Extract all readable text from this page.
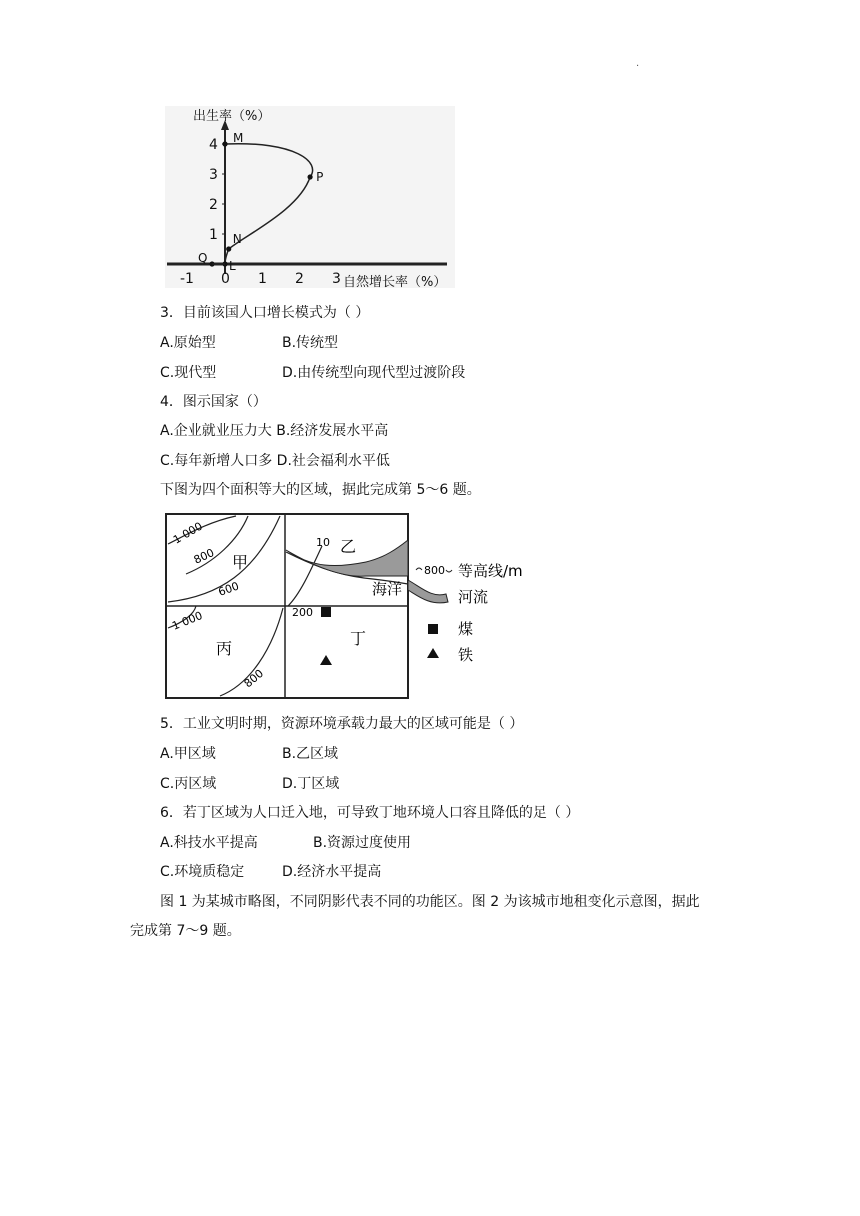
.
4
3
2
1
-1 0 1 2 3
M
P
N
Q
L
出生率（%）
自然增长率（%）
3．目前该国人口增长模式为（ ）
A.原始型	B.传统型
C.现代型	D.由传统型向现代型过渡阶段
4．图示国家（）
A.企业就业压力大 B.经济发展水平高
C.每年新增人口多 D.社会福利水平低
下图为四个面积等大的区域，据此完成第 5～6 题。
甲
乙
丙
丁
海洋
1 000
800
600
1 000
800
10
200
800 等高线/m
河流
煤
铁
5．工业文明时期，资源环境承载力最大的区域可能是（ ）
A.甲区域	B.乙区域
C.丙区域	D.丁区域
6．若丁区域为人口迁入地，可导致丁地环境人口容且降低的足（ ）
A.科技水平提高	B.资源过度使用
C.环境质稳定	D.经济水平提高
图 1 为某城市略图，不同阴影代表不同的功能区。图 2 为该城市地租变化示意图，据此
完成第 7～9 题。
